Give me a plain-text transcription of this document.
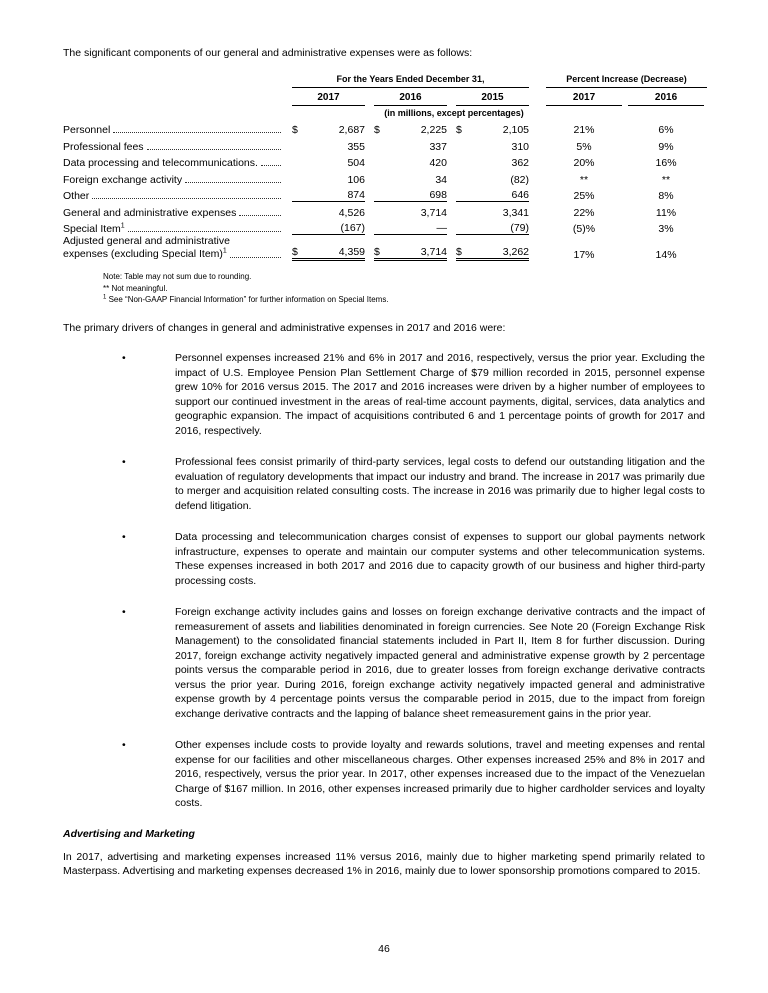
The significant components of our general and administrative expenses were as follows:

	For the Years Ended December 31,				Percent Increase (Decrease)	

	2017	2016	2015		2017	2016

	(in millions, except percentages)					

Personnel	$ 2,687	$ 2,225	$ 2,105		21%	6%

Professional fees	355	337	310		5%	9%

Data processing and telecommunications.	504	420	362		20%	16%

Foreign exchange activity	106	34	(82)		**	**

Other	874	698	646		25%	8%

General and administrative expenses	4,526	3,714	3,341		22%	11%

Special Item$^1$	(167)	—	(79)		(5)%	3%

Adjusted general and administrative
expenses (excluding Special Item)$^1$	$	4,359	$	3,714	$	3,262		17%	14%
Note: Table may not sum due to rounding.
** Not meaningful.
$^1$ See “Non-GAAP Financial Information” for further information on Special Items.

The primary drivers of changes in general and administrative expenses in 2017 and 2016 were:

•	Personnel expenses increased 21% and 6% in 2017 and 2016, respectively, versus the prior year. Excluding the impact of U.S. Employee Pension Plan Settlement Charge of $79 million recorded in 2015, personnel expense grew 10% for 2016 versus 2015. The 2017 and 2016 increases were driven by a higher number of employees to support our continued investment in the areas of real-time account payments, digital, services, data analytics and geographic expansion. The impact of acquisitions contributed 6 and 1 percentage points of growth for 2017 and 2016, respectively.
•	Professional fees consist primarily of third-party services, legal costs to defend our outstanding litigation and the evaluation of regulatory developments that impact our industry and brand. The increase in 2017 was primarily due to merger and acquisition related consulting costs. The increase in 2016 was primarily due to higher legal costs to defend litigation.
•	Data processing and telecommunication charges consist of expenses to support our global payments network infrastructure, expenses to operate and maintain our computer systems and other telecommunication systems. These expenses increased in both 2017 and 2016 due to capacity growth of our business and higher third-party processing costs.
•	Foreign exchange activity includes gains and losses on foreign exchange derivative contracts and the impact of remeasurement of assets and liabilities denominated in foreign currencies. See Note 20 (Foreign Exchange Risk Management) to the consolidated financial statements included in Part II, Item 8 for further discussion. During 2017, foreign exchange activity negatively impacted general and administrative expense growth by 2 percentage points versus the comparable period in 2016, due to greater losses from foreign exchange derivative contracts versus the prior year. During 2016, foreign exchange activity negatively impacted general and administrative expense growth by 4 percentage points versus the comparable period in 2015, due to the impact from foreign exchange derivative contracts and the lapping of balance sheet remeasurement gains in the prior year.
•	Other expenses include costs to provide loyalty and rewards solutions, travel and meeting expenses and rental expense for our facilities and other miscellaneous charges. Other expenses increased 25% and 8% in 2017 and 2016, respectively, versus the prior year. In 2017, other expenses increased due to the impact of the Venezuelan Charge of $167 million. In 2016, other expenses increased primarily due to higher cardholder services and loyalty costs.
Advertising and Marketing

In 2017, advertising and marketing expenses increased 11% versus 2016, mainly due to higher marketing spend primarily related to Masterpass. Advertising and marketing expenses decreased 1% in 2016, mainly due to lower sponsorship promotions compared to 2015.

46
